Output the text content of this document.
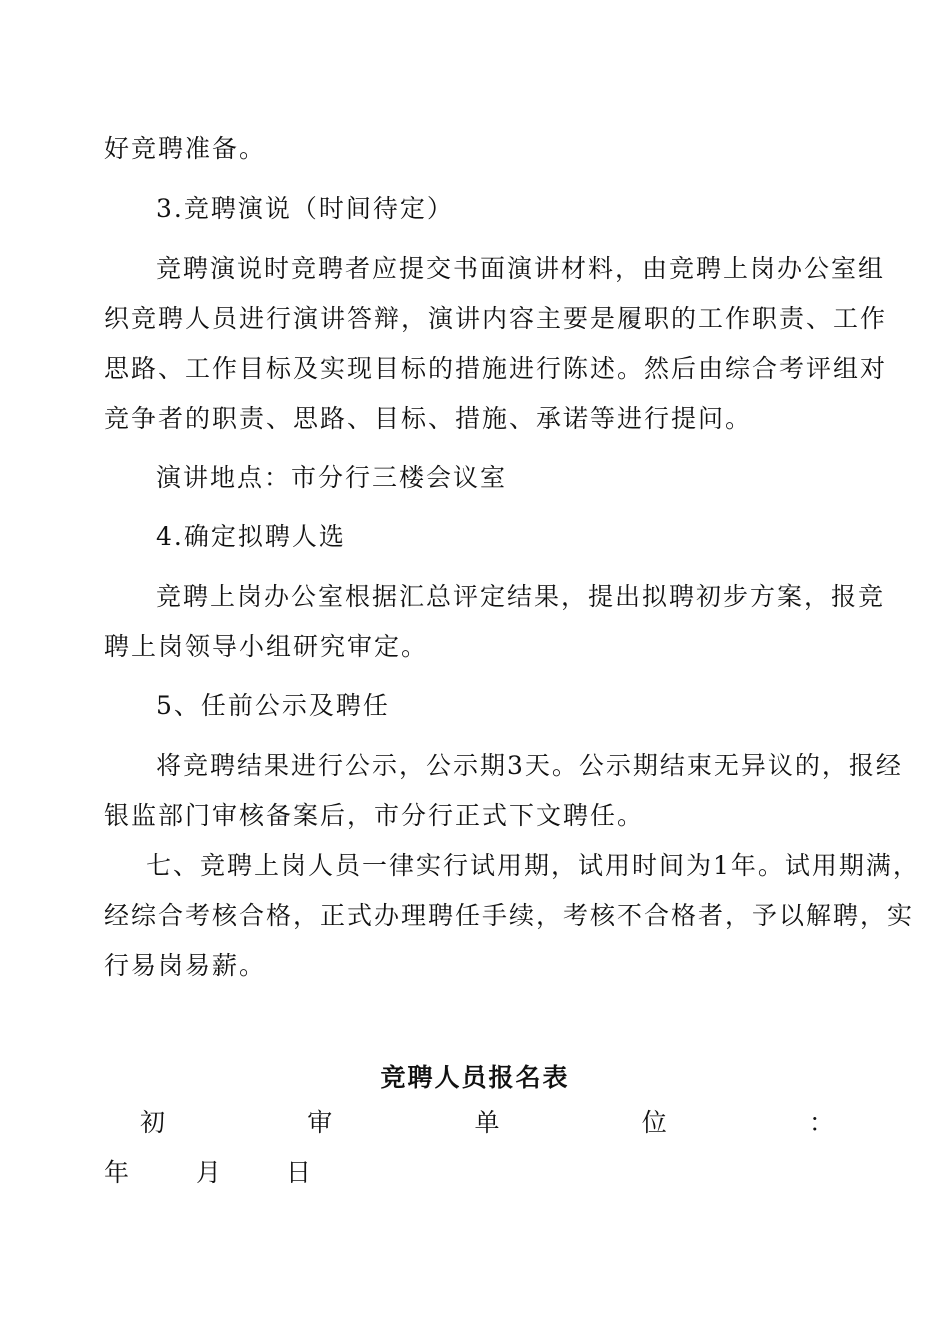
好竞聘准备。
3.竞聘演说（时间待定）
竞聘演说时竞聘者应提交书面演讲材料，由竞聘上岗办公室组
织竞聘人员进行演讲答辩，演讲内容主要是履职的工作职责、工作
思路、工作目标及实现目标的措施进行陈述。然后由综合考评组对
竞争者的职责、思路、目标、措施、承诺等进行提问。
演讲地点：市分行三楼会议室
4.确定拟聘人选
竞聘上岗办公室根据汇总评定结果，提出拟聘初步方案，报竞
聘上岗领导小组研究审定。
5、任前公示及聘任
将竞聘结果进行公示，公示期3天。公示期结束无异议的，报经
银监部门审核备案后，市分行正式下文聘任。
七、竞聘上岗人员一律实行试用期，试用时间为1年。试用期满，
经综合考核合格，正式办理聘任手续，考核不合格者，予以解聘，实
行易岗易薪。
竞聘人员报名表
初	审	单	位	：
年	月	日
